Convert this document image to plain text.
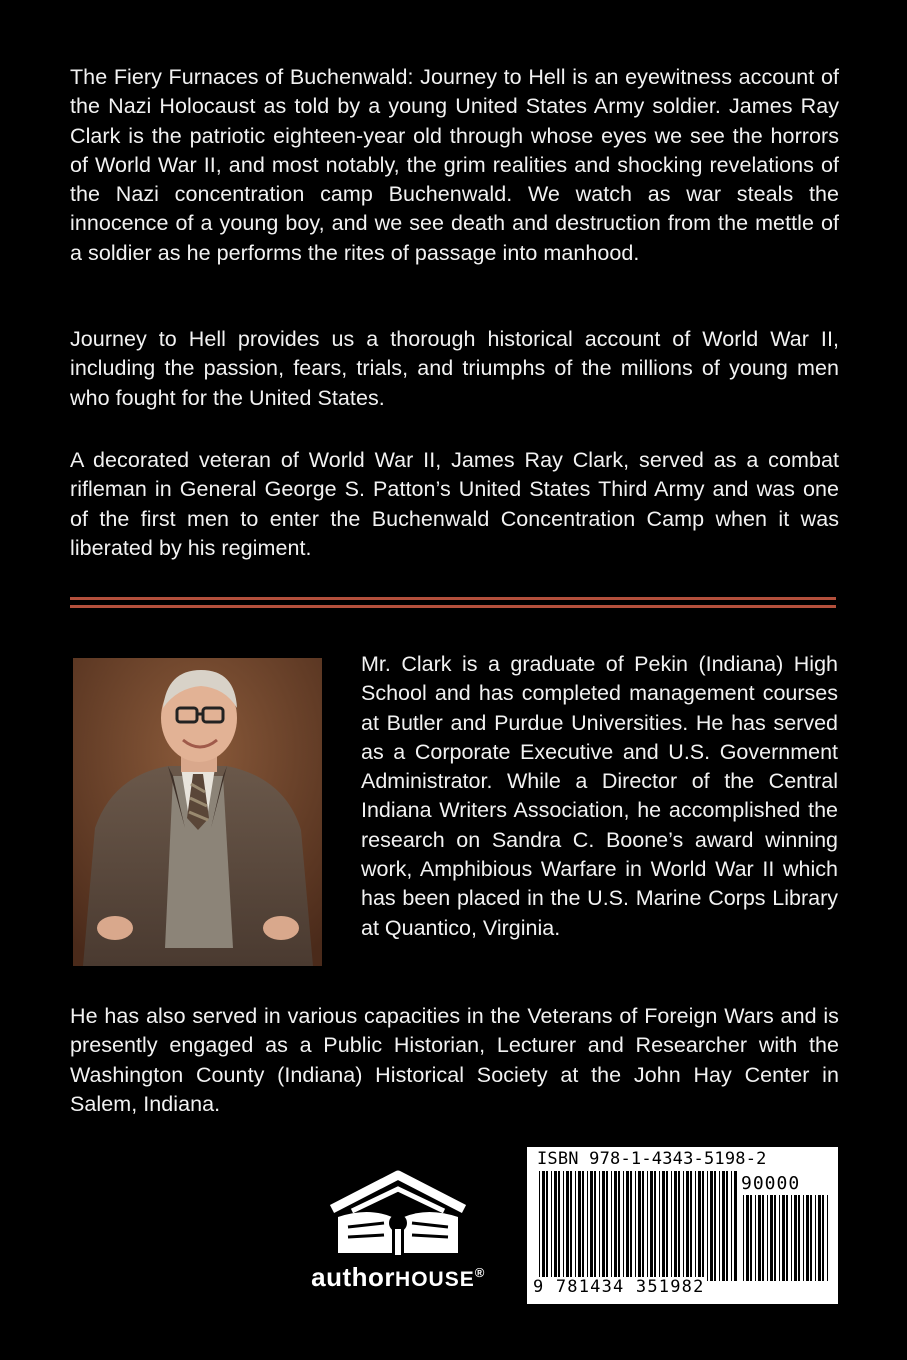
The Fiery Furnaces of Buchenwald: Journey to Hell is an eyewitness account of the Nazi Holocaust as told by a young United States Army soldier. James Ray Clark is the patriotic eighteen-year old through whose eyes we see the horrors of World War II, and most notably, the grim realities and shocking revelations of the Nazi concentration camp Buchenwald. We watch as war steals the innocence of a young boy, and we see death and destruction from the mettle of a soldier as he performs the rites of passage into manhood.

Journey to Hell provides us a thorough historical account of World War II, including the passion, fears, trials, and triumphs of the millions of young men who fought for the United States.

A decorated veteran of World War II, James Ray Clark, served as a combat rifleman in General George S. Patton’s United States Third Army and was one of the first men to enter the Buchenwald Concentration Camp when it was liberated by his regiment.

Mr. Clark is a graduate of Pekin (Indiana) High School and has completed management courses at Butler and Purdue Universities. He has served as a Corporate Executive and U.S. Government Administrator. While a Director of the Central Indiana Writers Association, he accomplished the research on Sandra C. Boone’s award winning work, Amphibious Warfare in World War II which has been placed in the U.S. Marine Corps Library at Quantico, Virginia.

He has also served in various capacities in the Veterans of Foreign Wars and is presently engaged as a Public Historian, Lecturer and Researcher with the Washington County (Indiana) Historical Society at the John Hay Center in Salem, Indiana.

authorHOUSE®
ISBN 978-1-4343-5198-2
90000
9 781434 351982
